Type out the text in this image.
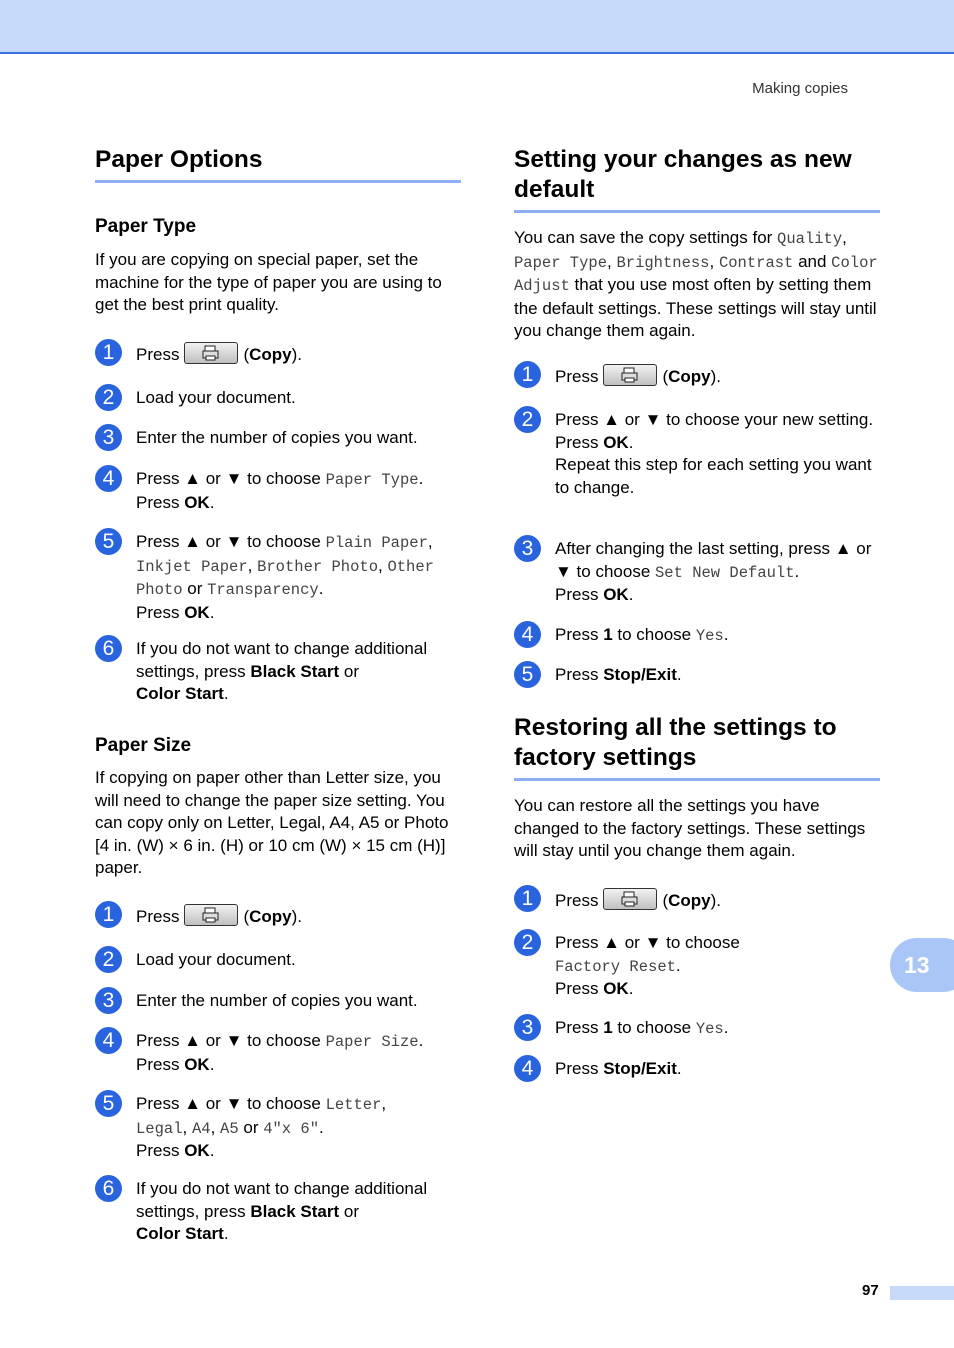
Making copies
Paper Options
Paper Type

If you are copying on special paper, set the machine for the type of paper you are using to get the best print quality.

1	Press	(Copy).
2	Load your document.
3	Enter the number of copies you want.
4	Press ▲ or ▼ to choose Paper Type.
Press OK.
5	Press ▲ or ▼ to choose Plain Paper, Inkjet Paper, Brother Photo, Other Photo or Transparency.
Press OK.
6	If you do not want to change additional settings, press Black Start or
Color Start.
Paper Size

If copying on paper other than Letter size, you will need to change the paper size setting. You can copy only on Letter, Legal, A4, A5 or Photo [4 in. (W) × 6 in. (H) or 10 cm (W) × 15 cm (H)] paper.

1	Press	(Copy).
2	Load your document.
3	Enter the number of copies you want.
4	Press ▲ or ▼ to choose Paper Size.
Press OK.
5	Press ▲ or ▼ to choose Letter,
Legal, A4, A5 or 4"x 6".
Press OK.
6	If you do not want to change additional settings, press Black Start or
Color Start.
Setting your changes as new default

You can save the copy settings for Quality, Paper Type, Brightness, Contrast and Color Adjust that you use most often by setting them the default settings. These settings will stay until you change them again.

1	Press	(Copy).
2	Press ▲ or ▼ to choose your new setting.
Press OK.
Repeat this step for each setting you want to change.
3	After changing the last setting, press ▲ or ▼ to choose Set New Default.
Press OK.
4	Press 1 to choose Yes.
5	Press Stop/Exit.
Restoring all the settings to factory settings

You can restore all the settings you have changed to the factory settings. These settings will stay until you change them again.

1	Press	(Copy).
2	Press ▲ or ▼ to choose
Factory Reset.
Press OK.
3	Press 1 to choose Yes.
4	Press Stop/Exit.
13
97
